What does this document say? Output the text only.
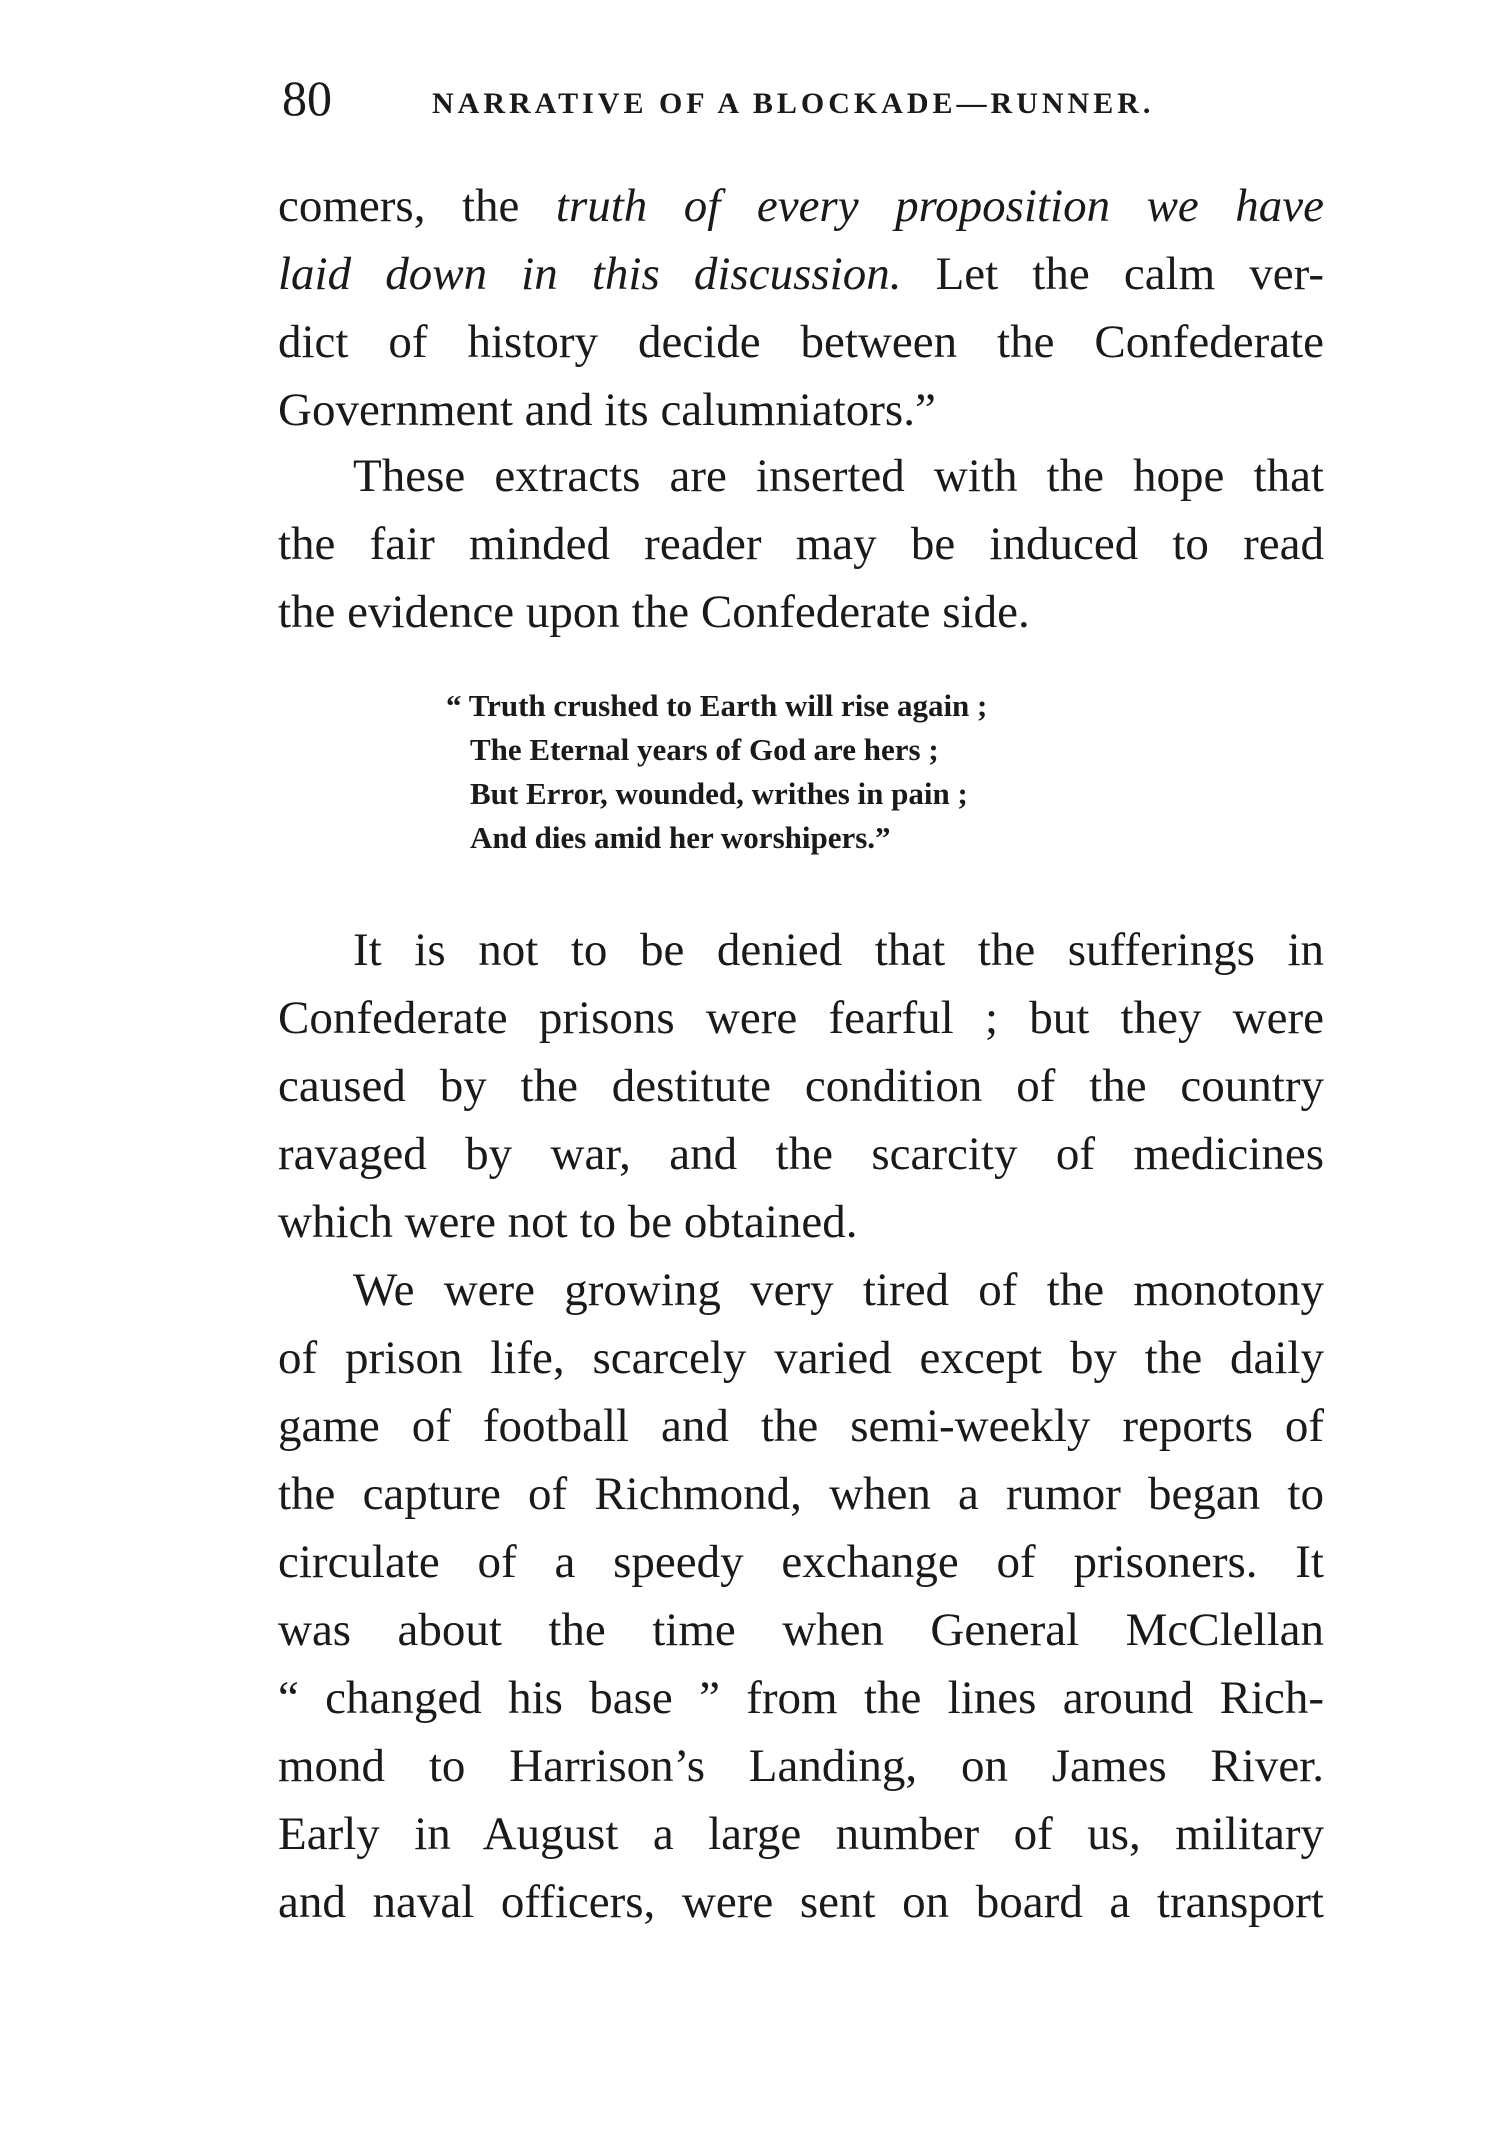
80	NARRATIVE OF A BLOCKADE—RUNNER.
comers, the truth of every proposition we have
laid down in this discussion. Let the calm ver-
dict of history decide between the Confederate
Government and its calumniators.”
These extracts are inserted with the hope that
the fair minded reader may be induced to read
the evidence upon the Confederate side.
“ Truth crushed to Earth will rise again ;
The Eternal years of God are hers ;
But Error, wounded, writhes in pain ;
And dies amid her worshipers.”
It is not to be denied that the sufferings in
Confederate prisons were fearful ; but they were
caused by the destitute condition of the country
ravaged by war, and the scarcity of medicines
which were not to be obtained.
We were growing very tired of the monotony
of prison life, scarcely varied except by the daily
game of football and the semi-weekly reports of
the capture of Richmond, when a rumor began to
circulate of a speedy exchange of prisoners. It
was about the time when General McClellan
“ changed his base ” from the lines around Rich-
mond to Harrison’s Landing, on James River.
Early in August a large number of us, military
and naval officers, were sent on board a transport
